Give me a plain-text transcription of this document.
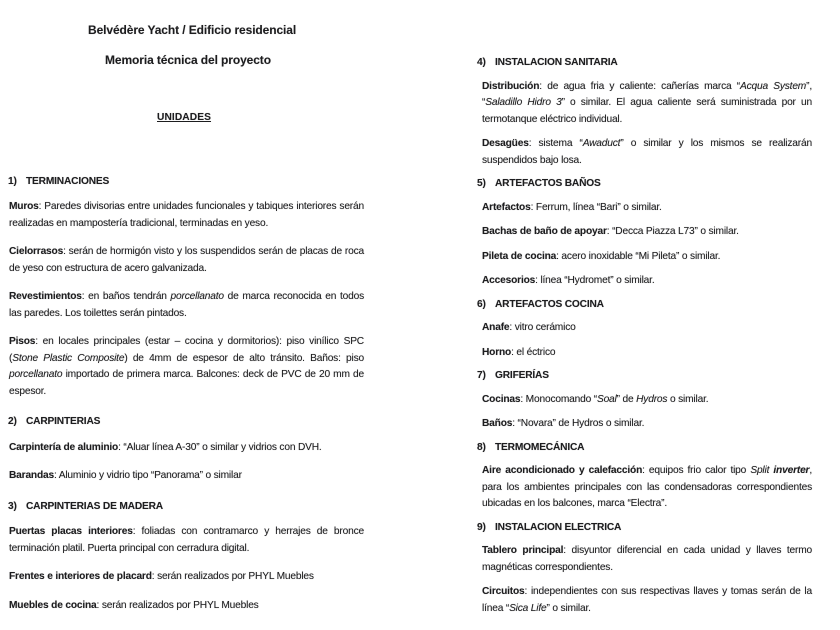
Belvédère Yacht / Edificio residencial
Memoria técnica del proyecto
UNIDADES
1) TERMINACIONES

Muros: Paredes divisorias entre unidades funcionales y tabiques interiores serán realizadas en mampostería tradicional, terminadas en yeso.

Cielorrasos: serán de hormigón visto y los suspendidos serán de placas de roca de yeso con estructura de acero galvanizada.

Revestimientos: en baños tendrán porcellanato de marca reconocida en todos las paredes. Los toilettes serán pintados.

Pisos: en locales principales (estar – cocina y dormitorios): piso vinílico SPC (Stone Plastic Composite) de 4mm de espesor de alto tránsito. Baños: piso porcellanato importado de primera marca. Balcones: deck de PVC de 20 mm de espesor.

2) CARPINTERIAS

Carpintería de aluminio: “Aluar línea A-30” o similar y vidrios con DVH.

Barandas: Aluminio y vidrio tipo “Panorama” o similar

3) CARPINTERIAS DE MADERA

Puertas placas interiores: foliadas con contramarco y herrajes de bronce terminación platil. Puerta principal con cerradura digital.

Frentes e interiores de placard: serán realizados por PHYL Muebles

Muebles de cocina: serán realizados por PHYL Muebles

4) INSTALACION SANITARIA

Distribución: de agua fria y caliente: cañerías marca “Acqua System”, “Saladillo Hidro 3” o similar. El agua caliente será suministrada por un termotanque eléctrico individual.

Desagües: sistema “Awaduct” o similar y los mismos se realizarán suspendidos bajo losa.

5) ARTEFACTOS BAÑOS

Artefactos: Ferrum, línea “Bari” o similar.

Bachas de baño de apoyar: “Decca Piazza L73” o similar.

Pileta de cocina: acero inoxidable “Mi Pileta” o similar.

Accesorios: línea “Hydromet” o similar.

6) ARTEFACTOS COCINA

Anafe: vitro cerámico

Horno: el éctrico

7) GRIFERÍAS

Cocinas: Monocomando “Soal” de Hydros o similar.

Baños: “Novara” de Hydros o similar.

8) TERMOMECÁNICA

Aire acondicionado y calefacción: equipos frio calor tipo Split inverter, para los ambientes principales con las condensadoras correspondientes ubicadas en los balcones, marca “Electra”.

9) INSTALACION ELECTRICA

Tablero principal: disyuntor diferencial en cada unidad y llaves termo magnéticas correspondientes.

Circuitos: independientes con sus respectivas llaves y tomas serán de la línea “Sica Life” o similar.
